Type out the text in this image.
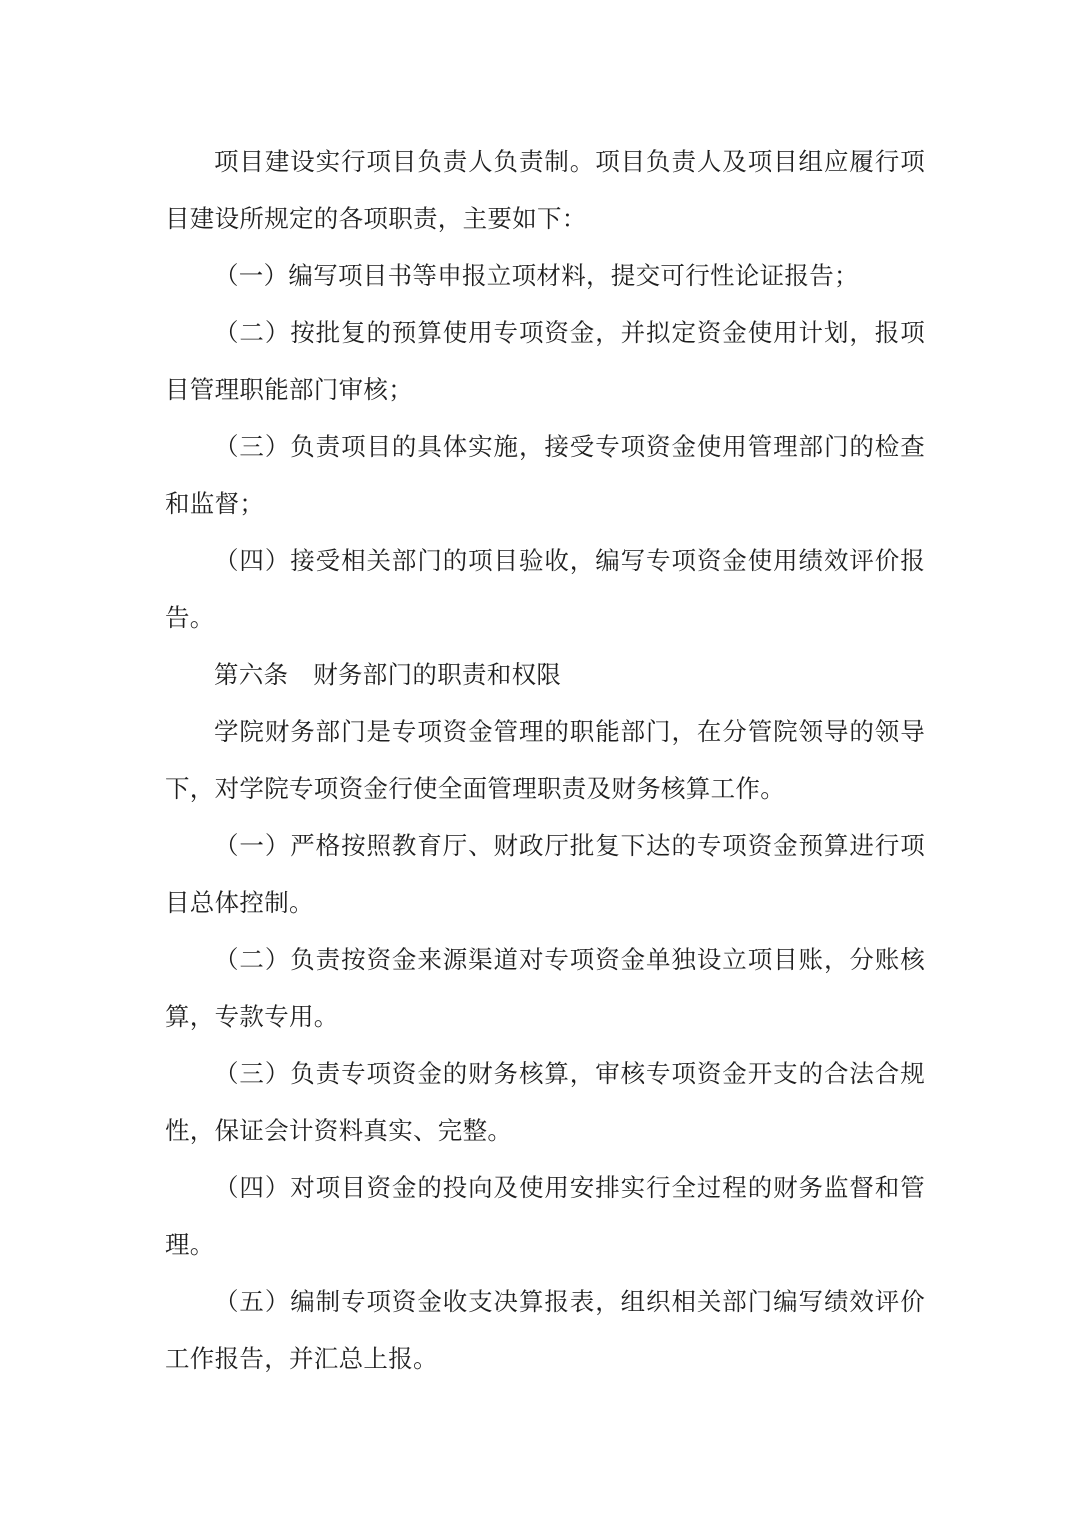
项目建设实行项目负责人负责制。项目负责人及项目组应履行项目建设所规定的各项职责，主要如下：

（一）编写项目书等申报立项材料，提交可行性论证报告；

（二）按批复的预算使用专项资金，并拟定资金使用计划，报项目管理职能部门审核；

（三）负责项目的具体实施，接受专项资金使用管理部门的检查和监督；

（四）接受相关部门的项目验收，编写专项资金使用绩效评价报告。

第六条　财务部门的职责和权限

学院财务部门是专项资金管理的职能部门，在分管院领导的领导下，对学院专项资金行使全面管理职责及财务核算工作。

（一）严格按照教育厅、财政厅批复下达的专项资金预算进行项目总体控制。

（二）负责按资金来源渠道对专项资金单独设立项目账，分账核算，专款专用。

（三）负责专项资金的财务核算，审核专项资金开支的合法合规性，保证会计资料真实、完整。

（四）对项目资金的投向及使用安排实行全过程的财务监督和管理。

（五）编制专项资金收支决算报表，组织相关部门编写绩效评价工作报告，并汇总上报。
